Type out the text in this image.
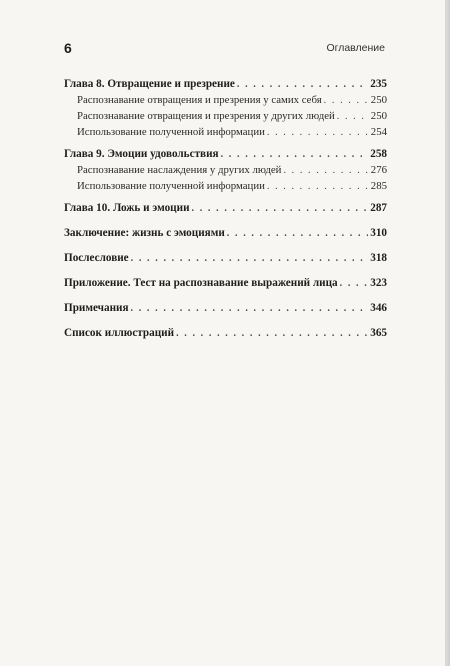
6	Оглавление
Глава 8. Отвращение и презрение . . .	235
Распознавание отвращения и презрения у самих себя . . .	250
Распознавание отвращения и презрения у других людей . . .	250
Использование полученной информации . . .	254
Глава 9. Эмоции удовольствия . . .	258
Распознавание наслаждения у других людей . . .	276
Использование полученной информации . . .	285
Глава 10. Ложь и эмоции . . .	287
Заключение: жизнь с эмоциями . . .	310
Послесловие . . .	318
Приложение. Тест на распознавание выражений лица . . .	323
Примечания . . .	346
Список иллюстраций . . .	365
